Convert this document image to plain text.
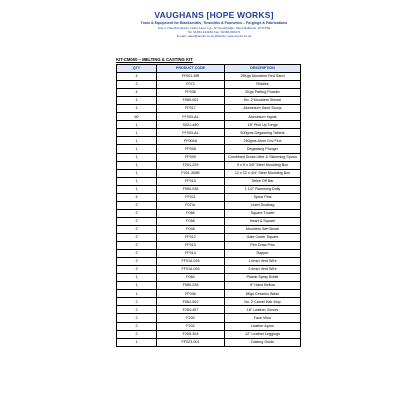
VAUGHANS [HOPE WORKS]
Tools & Equipment for Blacksmiths, Tinsmiths & Foundries – Forgings & Fabrications
Unit 1, Hanwick Works, Nebo Lane, Lye, Nr Stourbridge, West Midlands, DY9 8TE
Tel: 01384 424232 Fax: 01384 893171
E-mail: sales@anvils.co.uk Website: www.anvils.co.uk
KIT-CM000 – MELTING & CASTING KIT
QTY	PRODUCT CODE	DESCRIPTION
4	FF001-MR	25Kgs Moulders Red Sand
2	F072	Riddles
4	FF936	2Kgs Parting Powder
1	F089-002	No. 2 Moulders Shovel
1	FF017	Aluminium Sand Scoop
60	FF003-AL	Aluminium Ingots
1	S021-480	18" Pick Up Tongs
1	FF003-AL	500gms Degassing Tablets
1	FF004A	250gms Alum Cov Flux
1	FF008	Degassing Plunger
1	FF009	Combined Dross Lifter & Skimming Spoon
1	F201-229	9 x 9 x 3/5" Steel Moulding Box
1	F201-305B	12 x 12 x 4/4" Steel Moulding Box
1	FF010	Strike Off Bar
1	F060-038	1 1/2" Ramming Dolly
4	FF011	Sprue Pins
2	F074L	Linen Dustbag
2	F086	Square Trowel
2	F058	Heart & Square
2	F048	Moulders Wet Brush
2	FF012	Gate Cutter Square
2	FF013	Pen Draw Pins
2	FF014	Rapper
3	FF016-016	1.6mm Vent Wire
3	FF016-026	2.6mm Vent Wire
1	F084	Plastic Spray Bottle
1	F089-228	9" Hand Bellow
1	FF006	8Kgs Ceramic Wash
2	F062-002	No. 2 Camel Hair Mop
2	F284-457	18" Leather Gloves
2	F200	Face Visor
2	F202	Leather Apron
2	F205-304	12" Leather Leggings
1	FF023-001	Casting Guide
